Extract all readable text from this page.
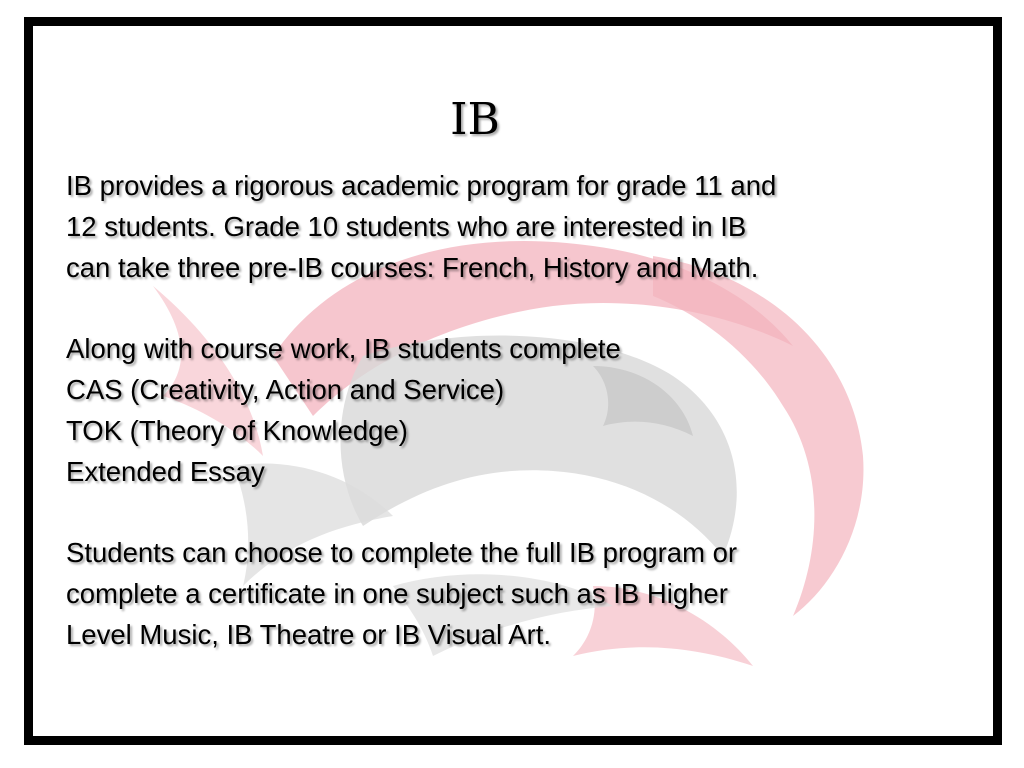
IB

IB provides a rigorous academic program for grade 11 and
12 students. Grade 10 students who are interested in IB
can take three pre-IB courses: French, History and Math.

Along with course work, IB students complete
CAS (Creativity, Action and Service)
TOK (Theory of Knowledge)
Extended Essay

Students can choose to complete the full IB program or
complete a certificate in one subject such as IB Higher
Level Music, IB Theatre or IB Visual Art.
